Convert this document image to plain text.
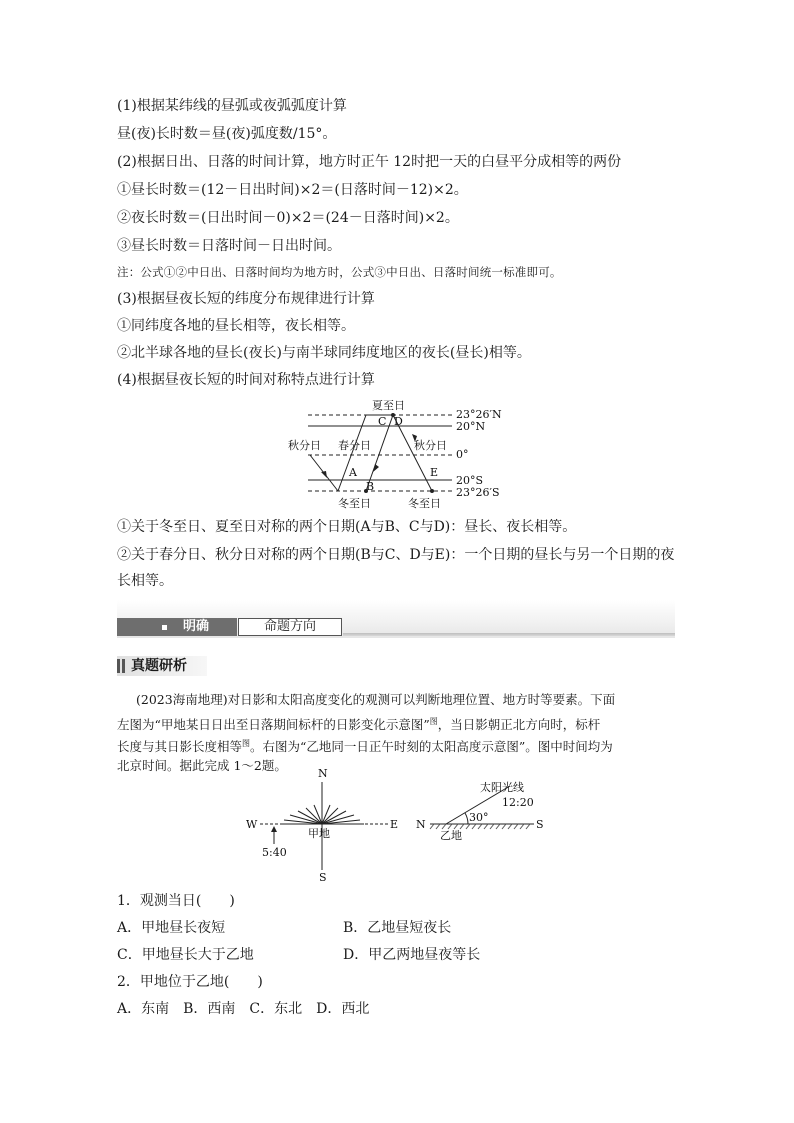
(1)根据某纬线的昼弧或夜弧弧度计算
昼(夜)长时数＝昼(夜)弧度数/15°。
(2)根据日出、日落的时间计算，地方时正午 12时把一天的白昼平分成相等的两份
①昼长时数＝(12－日出时间)×2＝(日落时间－12)×2。
②夜长时数＝(日出时间－0)×2＝(24－日落时间)×2。
③昼长时数＝日落时间－日出时间。
注：公式①②中日出、日落时间均为地方时，公式③中日出、日落时间统一标准即可。
(3)根据昼夜长短的纬度分布规律进行计算
①同纬度各地的昼长相等，夜长相等。
②北半球各地的昼长(夜长)与南半球同纬度地区的夜长(昼长)相等。
(4)根据昼夜长短的时间对称特点进行计算
夏至日
C D
秋分日 春分日	秋分日
A
B
E
冬至日	冬至日
23°26′N
20°N
0°
20°S
23°26′S
①关于冬至日、夏至日对称的两个日期(A与B、C与D)：昼长、夜长相等。
②关于春分日、秋分日对称的两个日期(B与C、D与E)：一个日期的昼长与另一个日期的夜
长相等。
明确	命题方向
真题研析
(2023海南地理)对日影和太阳高度变化的观测可以判断地理位置、地方时等要素。下面
左图为“甲地某日日出至日落期间标杆的日影变化示意图”$^图$，当日影朝正北方向时，标杆
长度与其日影长度相等$^图$。右图为“乙地同一日正午时刻的太阳高度示意图”。图中时间均为
北京时间。据此完成 1～2题。
N
S
W	E
甲地
5:40
太阳光线
12:20
30°
N	S
乙地
1．观测当日(　　)
A．甲地昼长夜短	B．乙地昼短夜长
C．甲地昼长大于乙地	D．甲乙两地昼夜等长
2．甲地位于乙地(　　)
A．东南　B．西南　C．东北　D．西北
